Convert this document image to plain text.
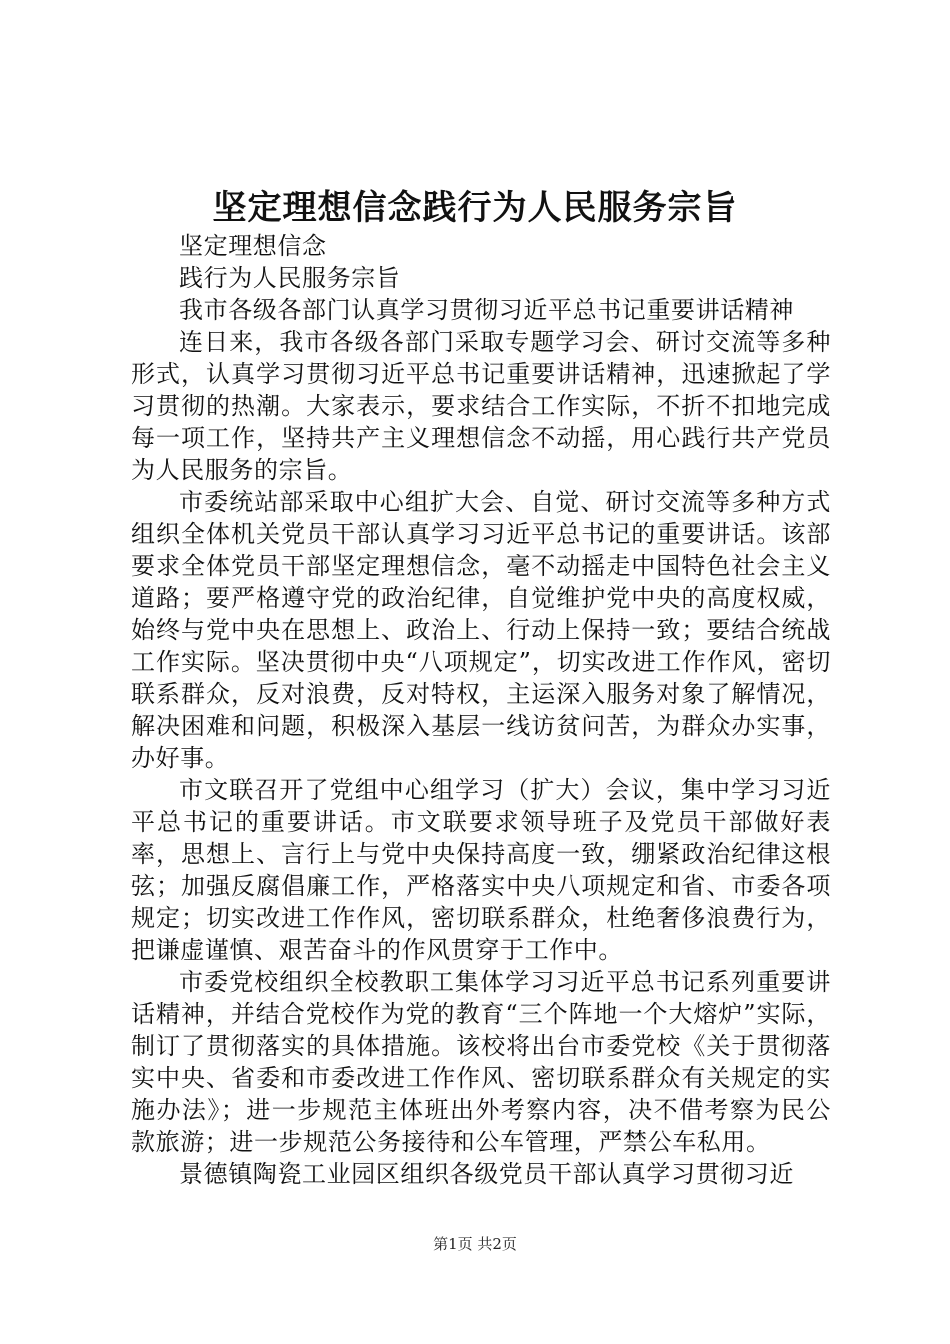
坚定理想信念践行为人民服务宗旨

坚定理想信念

践行为人民服务宗旨

我市各级各部门认真学习贯彻习近平总书记重要讲话精神

连日来，我市各级各部门采取专题学习会、研讨交流等多种形式，认真学习贯彻习近平总书记重要讲话精神，迅速掀起了学习贯彻的热潮。大家表示，要求结合工作实际，不折不扣地完成每一项工作，坚持共产主义理想信念不动摇，用心践行共产党员为人民服务的宗旨。

市委统站部采取中心组扩大会、自觉、研讨交流等多种方式组织全体机关党员干部认真学习习近平总书记的重要讲话。该部要求全体党员干部坚定理想信念，毫不动摇走中国特色社会主义道路；要严格遵守党的政治纪律，自觉维护党中央的高度权威，始终与党中央在思想上、政治上、行动上保持一致；要结合统战工作实际。坚决贯彻中央“八项规定”，切实改进工作作风，密切联系群众，反对浪费，反对特权，主运深入服务对象了解情况，解决困难和问题，积极深入基层一线访贫问苦，为群众办实事，办好事。

市文联召开了党组中心组学习（扩大）会议，集中学习习近平总书记的重要讲话。市文联要求领导班子及党员干部做好表率，思想上、言行上与党中央保持高度一致，绷紧政治纪律这根弦；加强反腐倡廉工作，严格落实中央八项规定和省、市委各项规定；切实改进工作作风，密切联系群众，杜绝奢侈浪费行为，把谦虚谨慎、艰苦奋斗的作风贯穿于工作中。

市委党校组织全校教职工集体学习习近平总书记系列重要讲话精神，并结合党校作为党的教育“三个阵地一个大熔炉”实际，制订了贯彻落实的具体措施。该校将出台市委党校《关于贯彻落实中央、省委和市委改进工作作风、密切联系群众有关规定的实施办法》；进一步规范主体班出外考察内容，决不借考察为民公款旅游；进一步规范公务接待和公车管理，严禁公车私用。

景德镇陶瓷工业园区组织各级党员干部认真学习贯彻习近

第1页 共2页
